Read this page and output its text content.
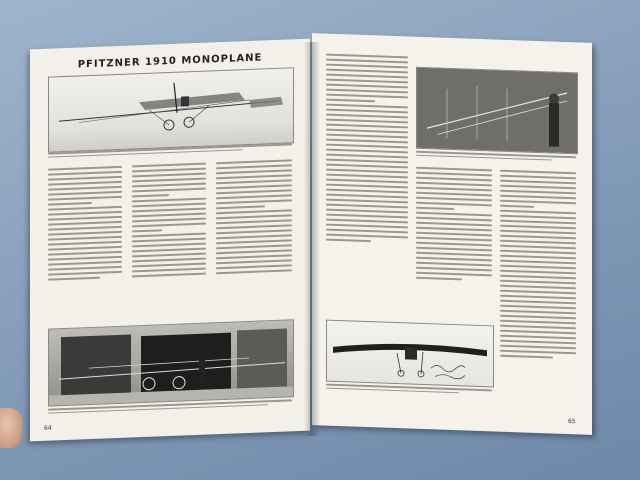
PFITZNER 1910 MONOPLANE
64
65
